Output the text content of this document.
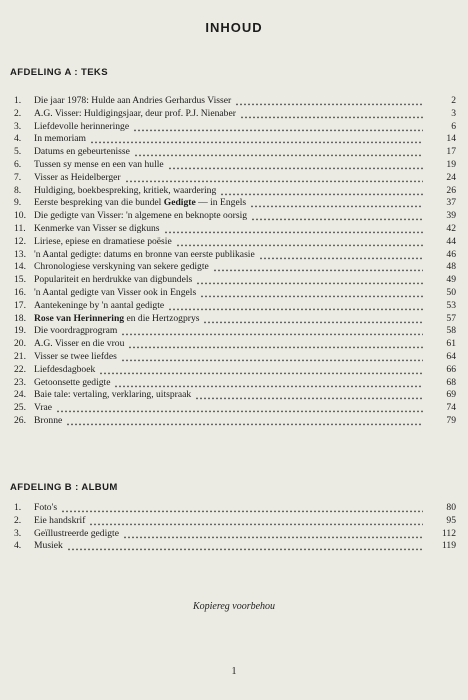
INHOUD
AFDELING A : TEKS
1.	Die jaar 1978: Hulde aan Andries Gerhardus Visser	2
2.	A.G. Visser: Huldigingsjaar, deur prof. P.J. Nienaber	3
3.	Liefdevolle herinneringe	6
4.	In memoriam	14
5.	Datums en gebeurtenisse	17
6.	Tussen sy mense en een van hulle	19
7.	Visser as Heidelberger	24
8.	Huldiging, boekbespreking, kritiek, waardering	26
9.	Eerste bespreking van die bundel Gedigte — in Engels	37
10. Die gedigte van Visser: 'n algemene en beknopte oorsig	39
11. Kenmerke van Visser se digkuns	42
12. Liriese, epiese en dramatiese poësie	44
13. 'n Aantal gedigte: datums en bronne van eerste publikasie	46
14. Chronologiese verskyning van sekere gedigte	48
15. Populariteit en herdrukke van digbundels	49
16. 'n Aantal gedigte van Visser ook in Engels	50
17. Aantekeninge by 'n aantal gedigte	53
18. Rose van Herinnering en die Hertzogprys	57
19. Die voordragprogram	58
20. A.G. Visser en die vrou	61
21. Visser se twee liefdes	64
22. Liefdesdagboek	66
23. Getoonsette gedigte	68
24. Baie tale: vertaling, verklaring, uitspraak	69
25. Vrae	74
26. Bronne	79
AFDELING B : ALBUM
1.	Foto's	80
2.	Eie handskrif	95
3.	Geïllustreerde gedigte	112
4.	Musiek	119
Kopiereg voorbehou
1
